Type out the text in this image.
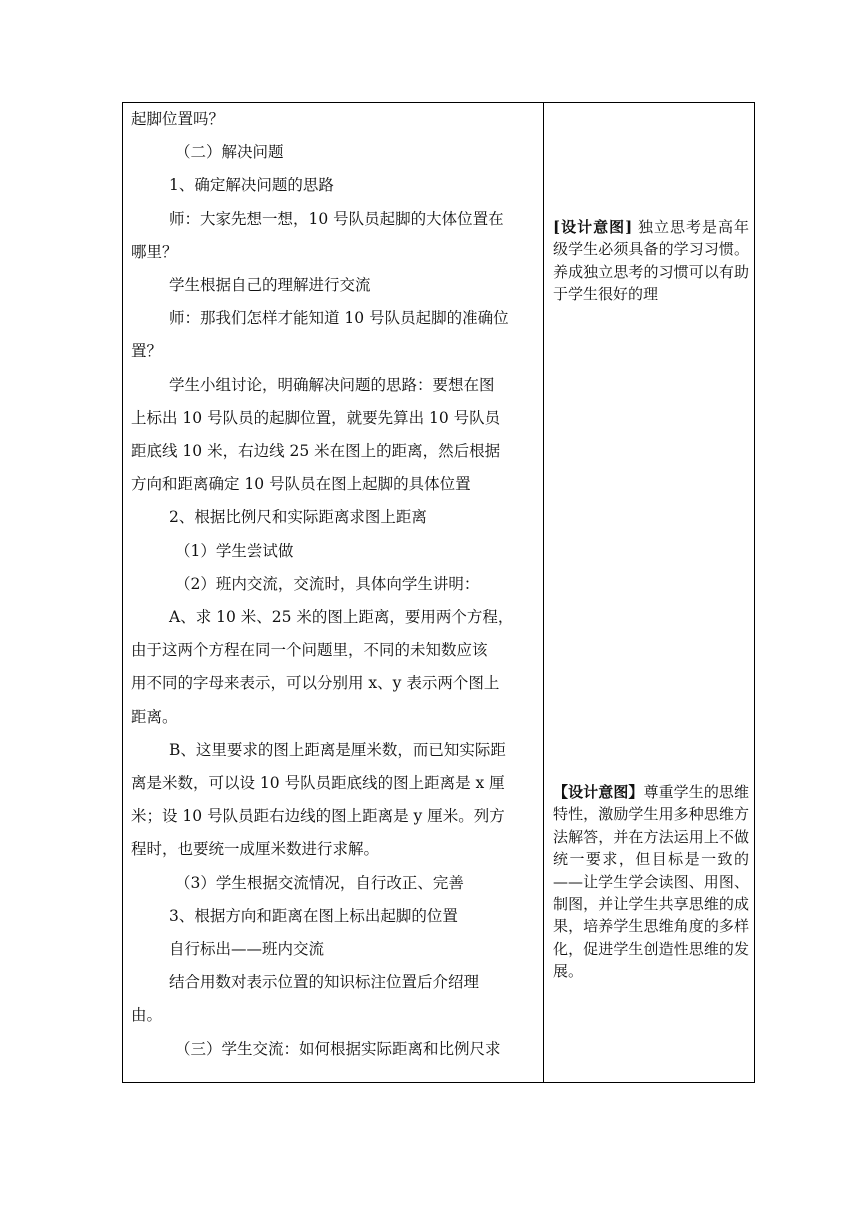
起脚位置吗？

（二）解决问题

1、确定解决问题的思路

师：大家先想一想，10 号队员起脚的大体位置在

哪里？

学生根据自己的理解进行交流

师：那我们怎样才能知道 10 号队员起脚的准确位

置？

学生小组讨论，明确解决问题的思路：要想在图

上标出 10 号队员的起脚位置，就要先算出 10 号队员

距底线 10 米，右边线 25 米在图上的距离，然后根据

方向和距离确定 10 号队员在图上起脚的具体位置

2、根据比例尺和实际距离求图上距离

（1）学生尝试做

（2）班内交流，交流时，具体向学生讲明：

A、求 10 米、25 米的图上距离，要用两个方程，

由于这两个方程在同一个问题里，不同的未知数应该

用不同的字母来表示，可以分别用 x、y 表示两个图上

距离。

B、这里要求的图上距离是厘米数，而已知实际距

离是米数，可以设 10 号队员距底线的图上距离是 x 厘

米；设 10 号队员距右边线的图上距离是 y 厘米。列方

程时，也要统一成厘米数进行求解。

（3）学生根据交流情况，自行改正、完善

3、根据方向和距离在图上标出起脚的位置

自行标出——班内交流

结合用数对表示位置的知识标注位置后介绍理

由。

（三）学生交流：如何根据实际距离和比例尺求

[设计意图] 独立思考是高年级学生必须具备的学习习惯。养成独立思考的习惯可以有助于学生很好的理
【设计意图】尊重学生的思维特性，激励学生用多种思维方法解答，并在方法运用上不做统一要求，但目标是一致的——让学生学会读图、用图、制图，并让学生共享思维的成果，培养学生思维角度的多样化，促进学生创造性思维的发展。
